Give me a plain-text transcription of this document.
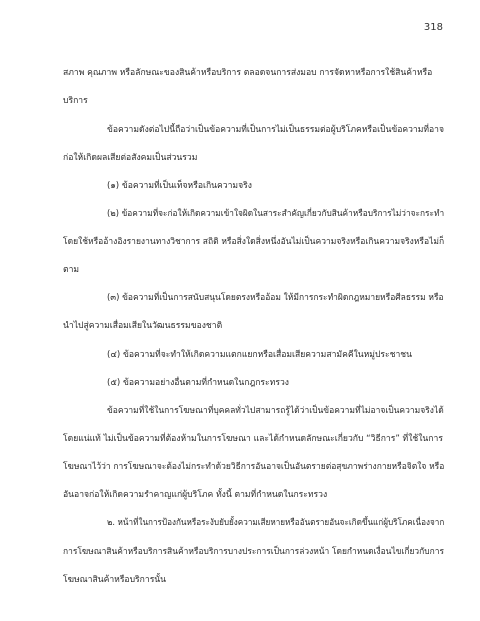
318
สภาพ คุณภาพ หรือลักษณะของสินค้าหรือบริการ ตลอดจนการส่งมอบ การจัดหาหรือการใช้สินค้าหรือ
บริการ
ข้อความดังต่อไปนี้ถือว่าเป็นข้อความที่เป็นการไม่เป็นธรรมต่อผู้บริโภคหรือเป็นข้อความที่อาจ
ก่อให้เกิดผลเสียต่อสังคมเป็นส่วนรวม
(๑) ข้อความที่เป็นเท็จหรือเกินความจริง
(๒) ข้อความที่จะก่อให้เกิดความเข้าใจผิดในสาระสำคัญเกี่ยวกับสินค้าหรือบริการไม่ว่าจะกระทำ
โดยใช้หรืออ้างอิงรายงานทางวิชาการ สถิติ หรือสิ่งใดสิ่งหนึ่งอันไม่เป็นความจริงหรือเกินความจริงหรือไม่ก็
ตาม
(๓) ข้อความที่เป็นการสนับสนุนโดยตรงหรืออ้อม ให้มีการกระทำผิดกฎหมายหรือศีลธรรม หรือ
นำไปสู่ความเสื่อมเสียในวัฒนธรรมของชาติ
(๔) ข้อความที่จะทำให้เกิดความแตกแยกหรือเสื่อมเสียความสามัคคีในหมู่ประชาชน
(๕) ข้อความอย่างอื่นตามที่กำหนดในกฎกระทรวง
ข้อความที่ใช้ในการโฆษณาที่บุคคลทั่วไปสามารถรู้ได้ว่าเป็นข้อความที่ไม่อาจเป็นความจริงได้
โดยแน่แท้ ไม่เป็นข้อความที่ต้องห้ามในการโฆษณา และได้กำหนดลักษณะเกี่ยวกับ “วิธีการ” ที่ใช้ในการ
โฆษณาไว้ว่า การโฆษณาจะต้องไม่กระทำด้วยวิธีการอันอาจเป็นอันตรายต่อสุขภาพร่างกายหรือจิตใจ หรือ
อันอาจก่อให้เกิดความรำคาญแก่ผู้บริโภค ทั้งนี้ ตามที่กำหนดในกระทรวง
๒. หน้าที่ในการป้องกันหรือระงับยับยั้งความเสียหายหรืออันตรายอันจะเกิดขึ้นแก่ผู้บริโภคเนื่องจาก
การโฆษณาสินค้าหรือบริการสินค้าหรือบริการบางประการเป็นการล่วงหน้า โดยกำหนดเงื่อนไขเกี่ยวกับการ
โฆษณาสินค้าหรือบริการนั้น
